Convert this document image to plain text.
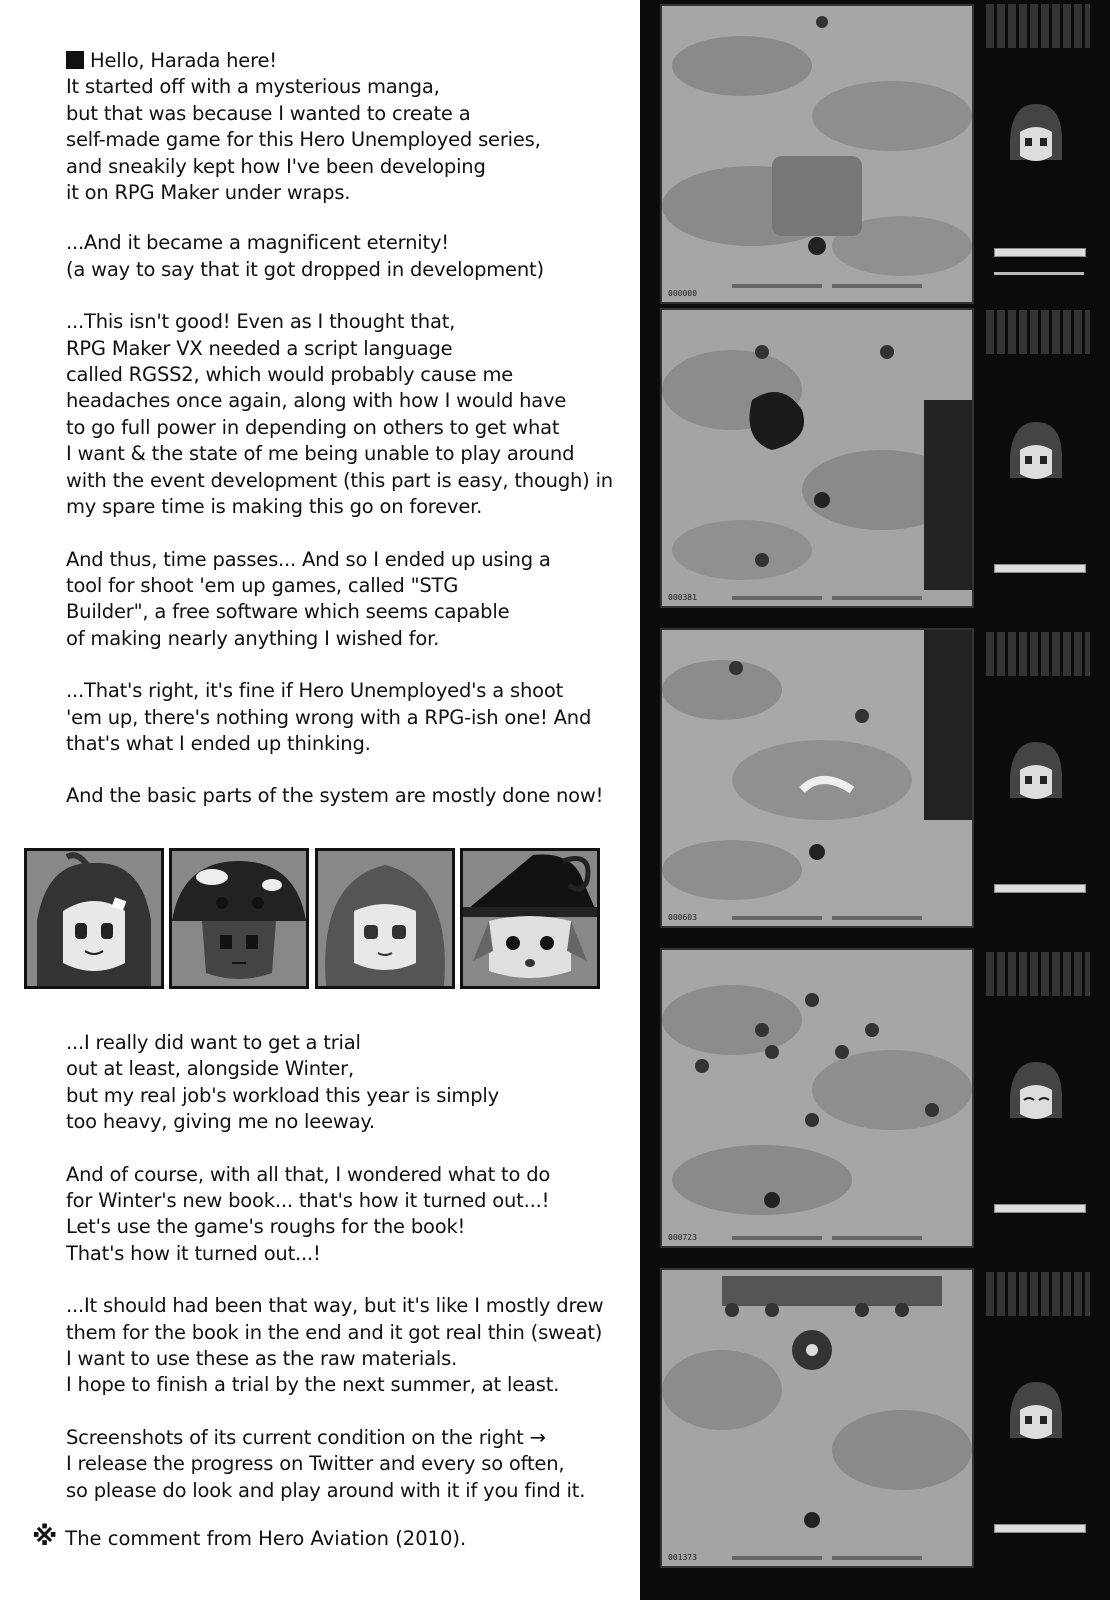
Hello, Harada here!
It started off with a mysterious manga,
but that was because I wanted to create a
self-made game for this Hero Unemployed series,
and sneakily kept how I've been developing
it on RPG Maker under wraps.

...And it became a magnificent eternity!
(a way to say that it got dropped in development)

...This isn't good! Even as I thought that,
RPG Maker VX needed a script language
called RGSS2, which would probably cause me
headaches once again, along with how I would have
to go full power in depending on others to get what
I want & the state of me being unable to play around
with the event development (this part is easy, though) in
my spare time is making this go on forever.

And thus, time passes... And so I ended up using a
tool for shoot 'em up games, called "STG
Builder", a free software which seems capable
of making nearly anything I wished for.

...That's right, it's fine if Hero Unemployed's a shoot
'em up, there's nothing wrong with a RPG-ish one! And
that's what I ended up thinking.

And the basic parts of the system are mostly done now!

...I really did want to get a trial
out at least, alongside Winter,
but my real job's workload this year is simply
too heavy, giving me no leeway.

And of course, with all that, I wondered what to do
for Winter's new book... that's how it turned out...!
Let's use the game's roughs for the book!
That's how it turned out...!

...It should had been that way, but it's like I mostly drew
them for the book in the end and it got real thin (sweat)
I want to use these as the raw materials.
I hope to finish a trial by the next summer, at least.

Screenshots of its current condition on the right →
I release the progress on Twitter and every so often,
so please do look and play around with it if you find it.

※ The comment from Hero Aviation (2010).
000000
000381
000603
000723
001373
